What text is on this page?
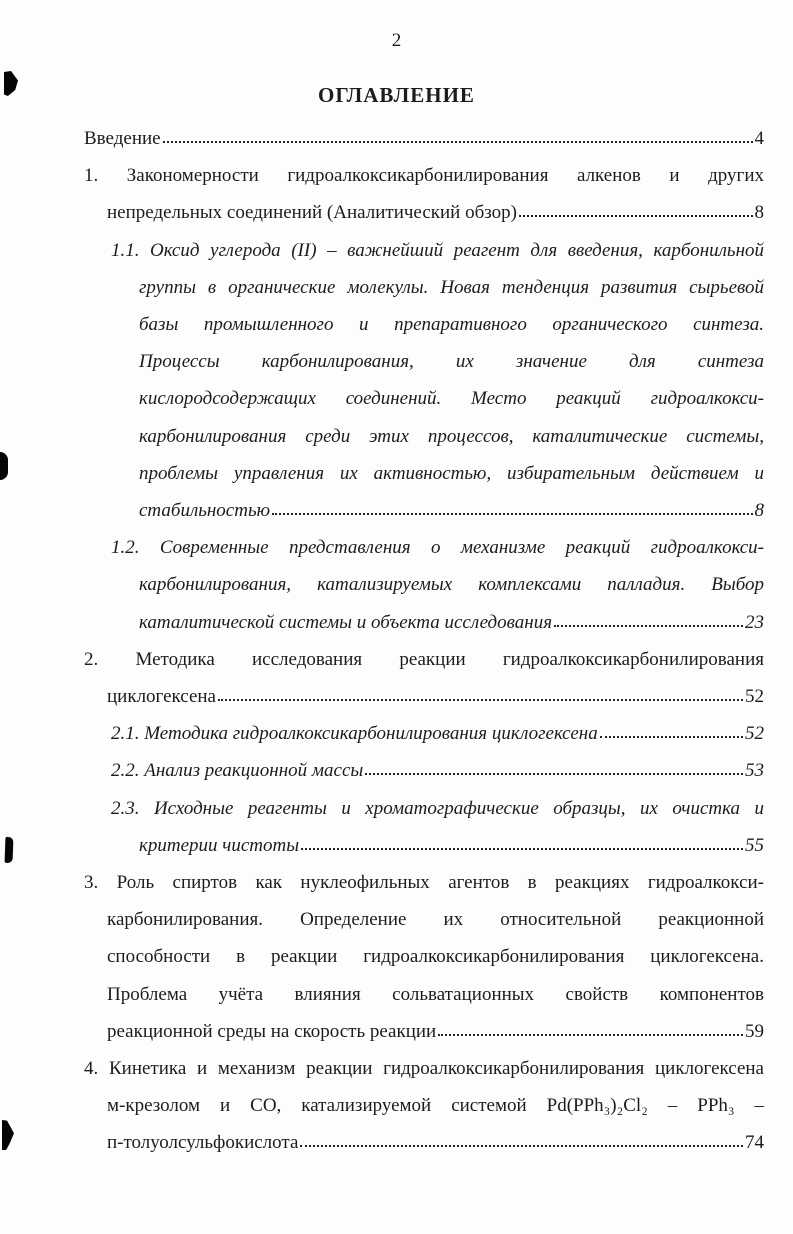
2
ОГЛАВЛЕНИЕ
Введение	4
1. Закономерности гидроалкоксикарбонилирования алкенов и других
непредельных соединений (Аналитический обзор)	8
1.1. Оксид углерода (II) – важнейший реагент для введения, карбонильной
группы в органические молекулы. Новая тенденция развития сырьевой
базы промышленного и препаративного органического синтеза.
Процессы карбонилирования, их значение для синтеза
кислородсодержащих соединений. Место реакций гидроалкокси-
карбонилирования среди этих процессов, каталитические системы,
проблемы управления их активностью, избирательным действием и
стабильностью	8
1.2. Современные представления о механизме реакций гидроалкокси-
карбонилирования, катализируемых комплексами палладия. Выбор
каталитической системы и объекта исследования	23
2. Методика исследования реакции гидроалкоксикарбонилирования
циклогексена	52
2.1. Методика гидроалкоксикарбонилирования циклогексена	52
2.2. Анализ реакционной массы	53
2.3. Исходные реагенты и хроматографические образцы, их очистка и
критерии чистоты	55
3. Роль спиртов как нуклеофильных агентов в реакциях гидроалкокси-
карбонилирования. Определение их относительной реакционной
способности в реакции гидроалкоксикарбонилирования циклогексена.
Проблема учёта влияния сольватационных свойств компонентов
реакционной среды на скорость реакции	59
4. Кинетика и механизм реакции гидроалкоксикарбонилирования циклогексена
м-крезолом и CO, катализируемой системой Pd(PPh₃)₂Cl₂ – PPh₃ –
п-толуолсульфокислота	74
